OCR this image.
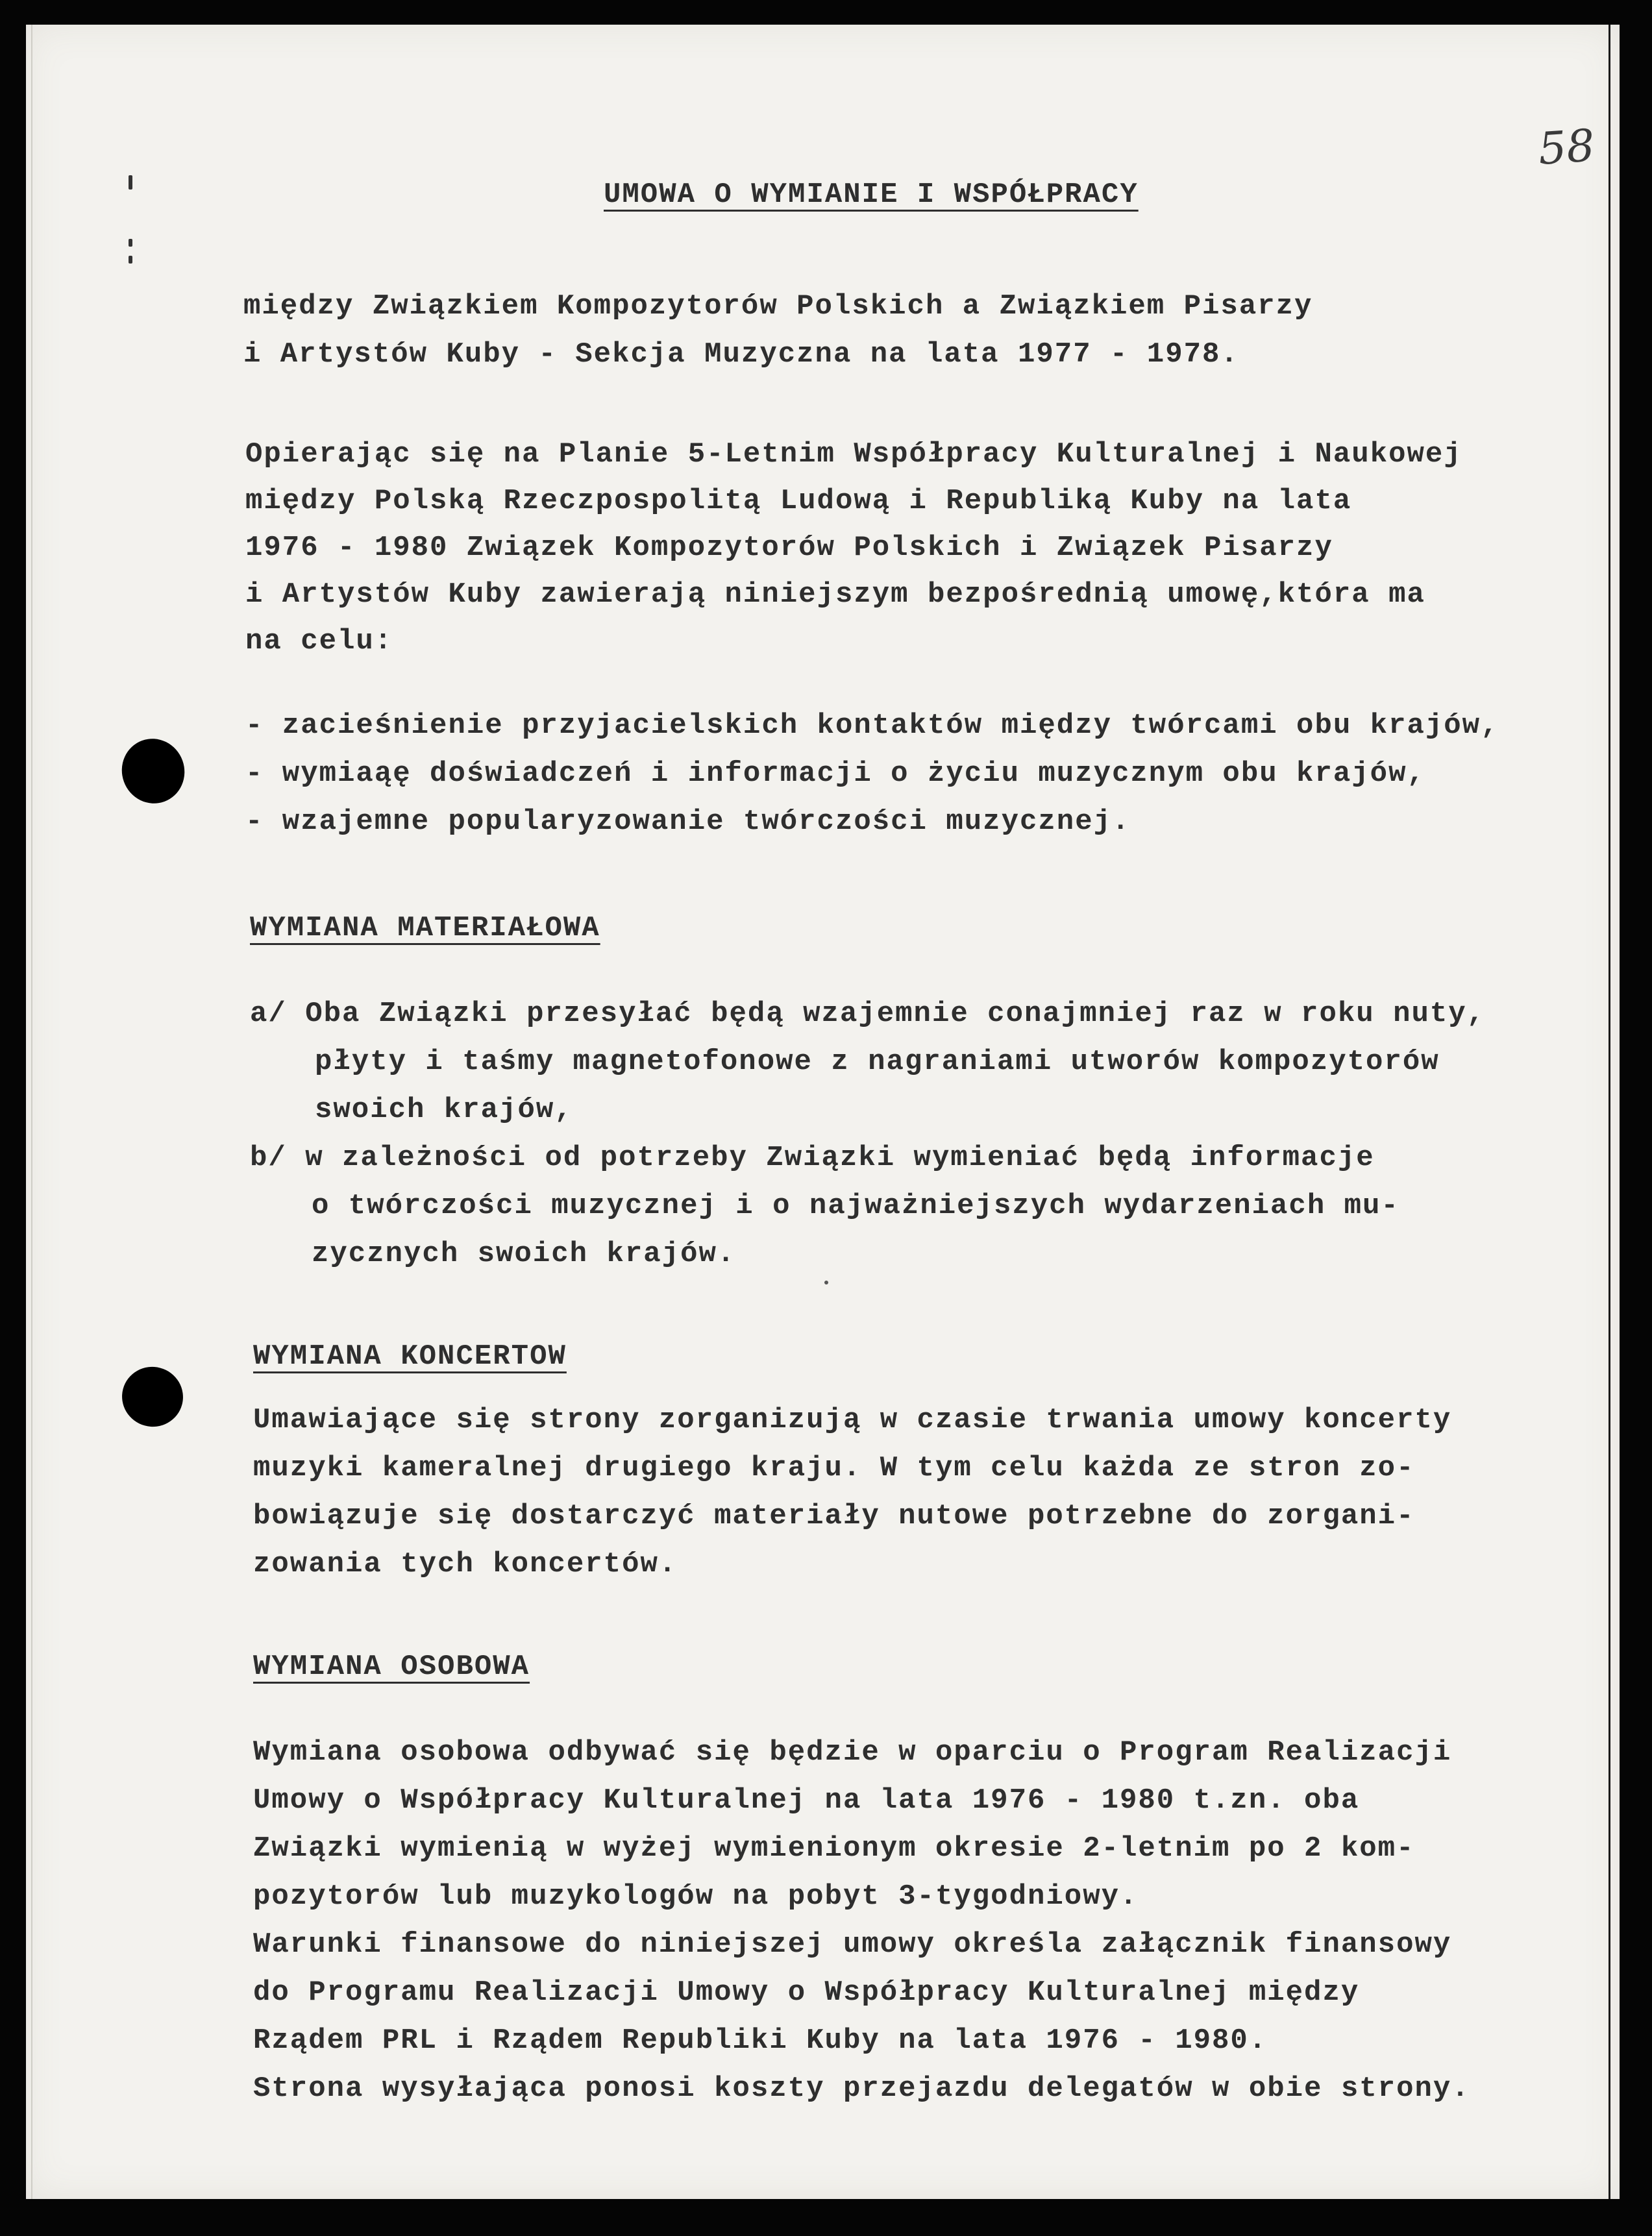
58
UMOWA O WYMIANIE I WSPÓŁPRACY
między Związkiem Kompozytorów Polskich a Związkiem Pisarzy
i Artystów Kuby - Sekcja Muzyczna na lata 1977 - 1978.
Opierając się na Planie 5-Letnim Współpracy Kulturalnej i Naukowej
między Polską Rzeczpospolitą Ludową i Republiką Kuby na lata
1976 - 1980 Związek Kompozytorów Polskich i Związek Pisarzy
i Artystów Kuby zawierają niniejszym bezpośrednią umowę,która ma
na celu:
- zacieśnienie przyjacielskich kontaktów między twórcami obu krajów,
- wymiaąę doświadczeń i informacji o życiu muzycznym obu krajów,
- wzajemne popularyzowanie twórczości muzycznej.
WYMIANA MATERIAŁOWA
a/ Oba Związki przesyłać będą wzajemnie conajmniej raz w roku nuty,
płyty i taśmy magnetofonowe z nagraniami utworów kompozytorów
swoich krajów,
b/ w zależności od potrzeby Związki wymieniać będą informacje
o twórczości muzycznej i o najważniejszych wydarzeniach mu-
zycznych swoich krajów.
WYMIANA KONCERTOW
Umawiające się strony zorganizują w czasie trwania umowy koncerty
muzyki kameralnej drugiego kraju. W tym celu każda ze stron zo-
bowiązuje się dostarczyć materiały nutowe potrzebne do zorgani-
zowania tych koncertów.
WYMIANA OSOBOWA
Wymiana osobowa odbywać się będzie w oparciu o Program Realizacji
Umowy o Współpracy Kulturalnej na lata 1976 - 1980 t.zn. oba
Związki wymienią w wyżej wymienionym okresie 2-letnim po 2 kom-
pozytorów lub muzykologów na pobyt 3-tygodniowy.
Warunki finansowe do niniejszej umowy określa załącznik finansowy
do Programu Realizacji Umowy o Współpracy Kulturalnej między
Rządem PRL i Rządem Republiki Kuby na lata 1976 - 1980.
Strona wysyłająca ponosi koszty przejazdu delegatów w obie strony.
